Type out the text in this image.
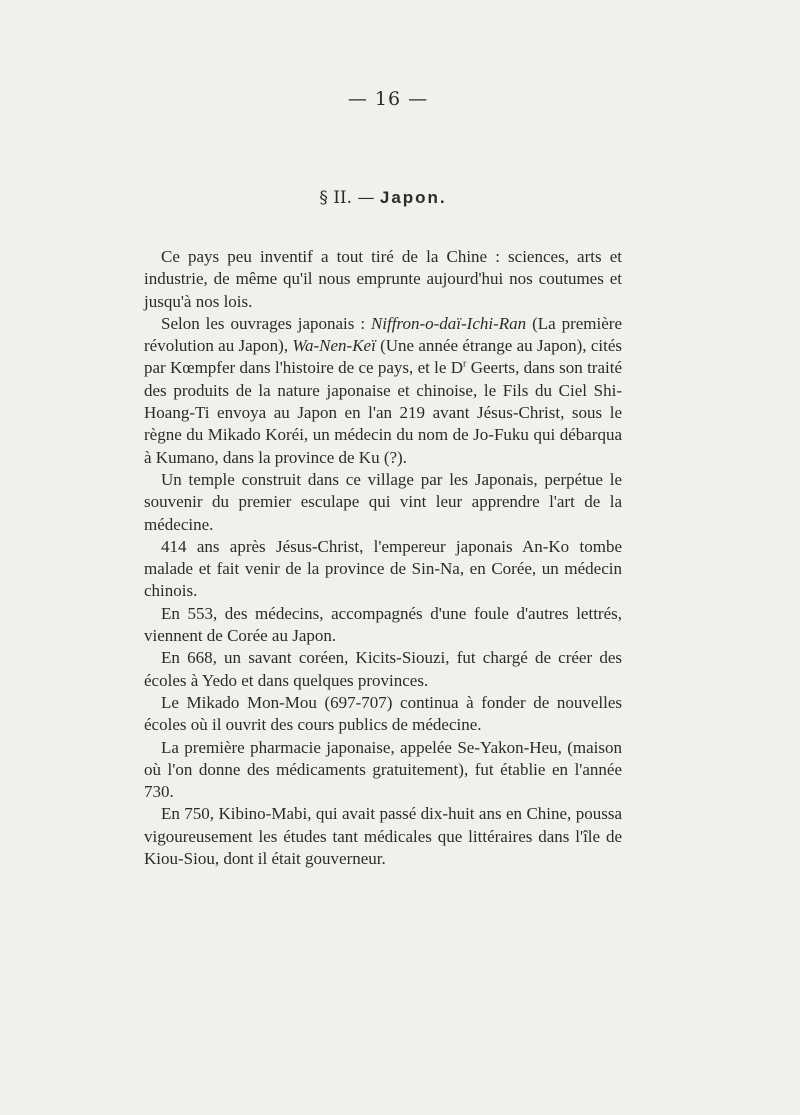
— 16 —
§ II. — Japon.

Ce pays peu inventif a tout tiré de la Chine : sciences, arts et industrie, de même qu'il nous emprunte aujourd'hui nos coutumes et jusqu'à nos lois.

Selon les ouvrages japonais : Niffron-o-daï-Ichi-Ran (La première révolution au Japon), Wa-Nen-Keï (Une année étrange au Japon), cités par Kœmpfer dans l'histoire de ce pays, et le $D^r$ Geerts, dans son traité des produits de la nature japonaise et chinoise, le Fils du Ciel Shi-Hoang-Ti envoya au Japon en l'an 219 avant Jésus-Christ, sous le règne du Mikado Koréi, un médecin du nom de Jo-Fuku qui débarqua à Kumano, dans la province de Ku (?).

Un temple construit dans ce village par les Japonais, perpétue le souvenir du premier esculape qui vint leur apprendre l'art de la médecine.

414 ans après Jésus-Christ, l'empereur japonais An-Ko tombe malade et fait venir de la province de Sin-Na, en Corée, un médecin chinois.

En 553, des médecins, accompagnés d'une foule d'autres lettrés, viennent de Corée au Japon.

En 668, un savant coréen, Kicits-Siouzi, fut chargé de créer des écoles à Yedo et dans quelques provinces.

Le Mikado Mon-Mou (697-707) continua à fonder de nouvelles écoles où il ouvrit des cours publics de médecine.

La première pharmacie japonaise, appelée Se-Yakon-Heu, (maison où l'on donne des médicaments gratuitement), fut établie en l'année 730.

En 750, Kibino-Mabi, qui avait passé dix-huit ans en Chine, poussa vigoureusement les études tant médicales que littéraires dans l'île de Kiou-Siou, dont il était gouverneur.
